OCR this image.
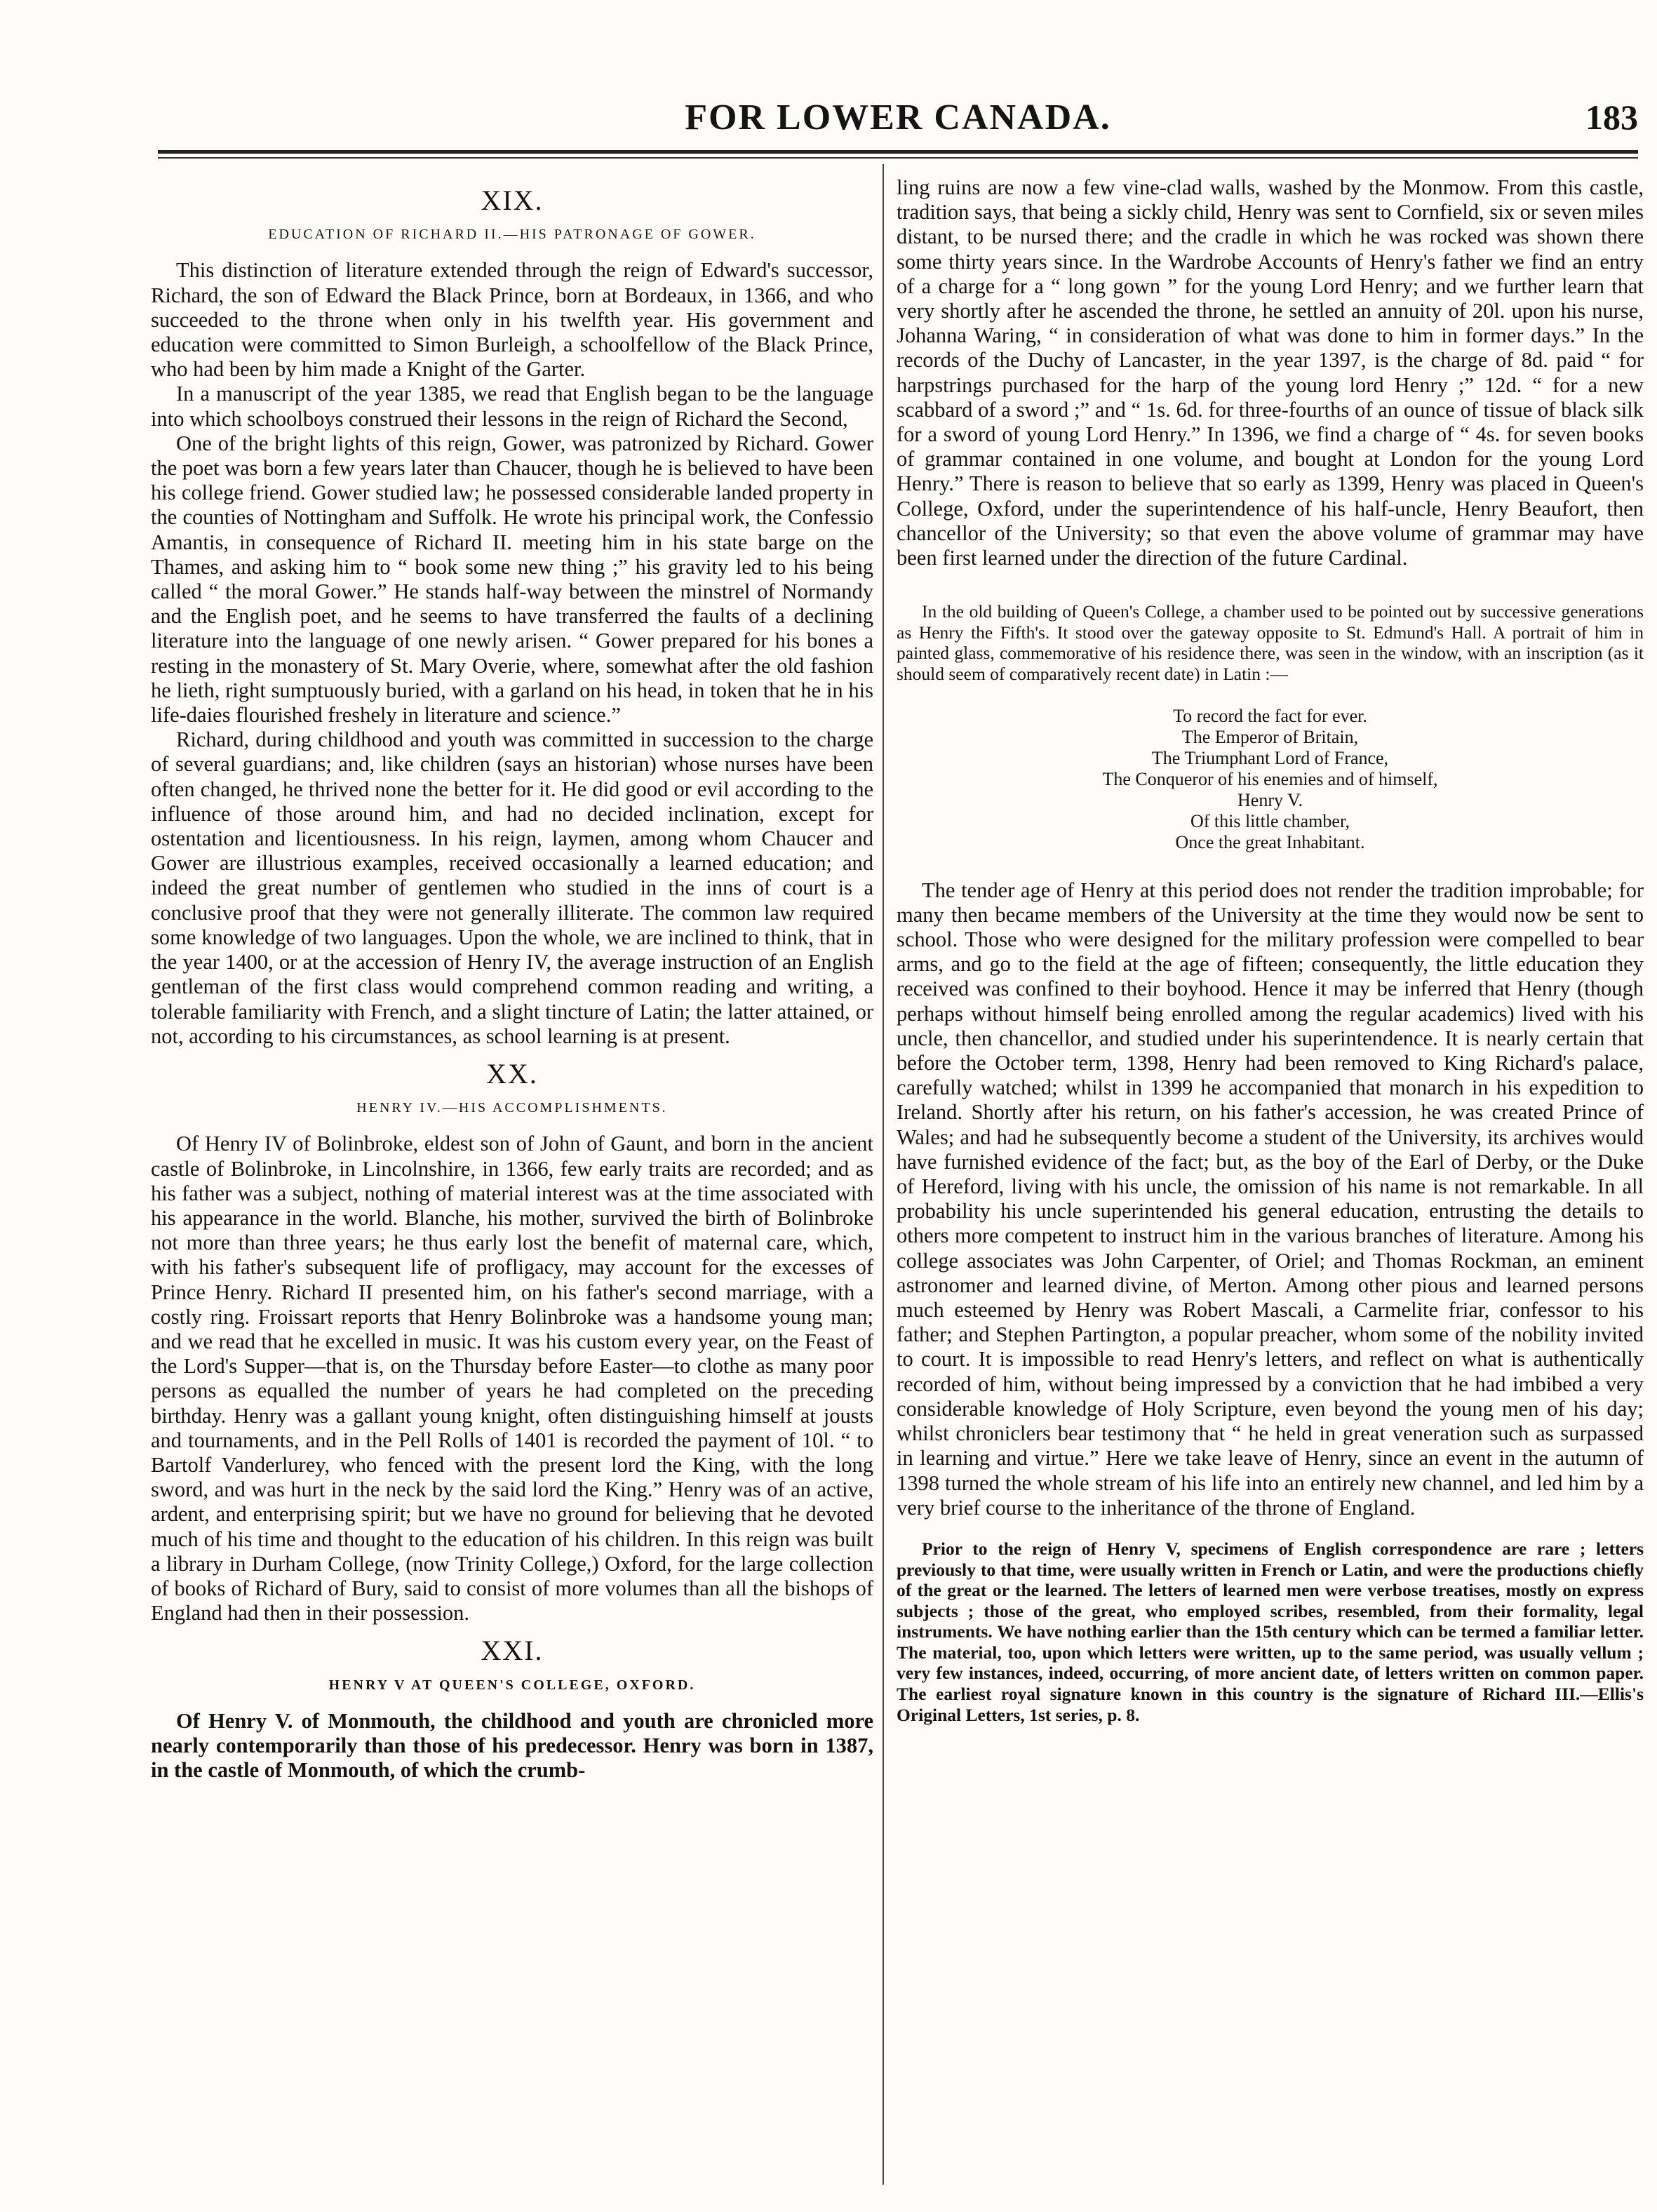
FOR LOWER CANADA.	183
XIX.
EDUCATION OF RICHARD II.—HIS PATRONAGE OF GOWER.

This distinction of literature extended through the reign of Edward's successor, Richard, the son of Edward the Black Prince, born at Bordeaux, in 1366, and who succeeded to the throne when only in his twelfth year. His government and education were committed to Simon Burleigh, a schoolfellow of the Black Prince, who had been by him made a Knight of the Garter.

In a manuscript of the year 1385, we read that English began to be the language into which schoolboys construed their lessons in the reign of Richard the Second,

One of the bright lights of this reign, Gower, was patronized by Richard. Gower the poet was born a few years later than Chaucer, though he is believed to have been his college friend. Gower studied law; he possessed considerable landed property in the counties of Nottingham and Suffolk. He wrote his principal work, the Confessio Amantis, in consequence of Richard II. meeting him in his state barge on the Thames, and asking him to “ book some new thing ;” his gravity led to his being called “ the moral Gower.” He stands half-way between the minstrel of Normandy and the English poet, and he seems to have transferred the faults of a declining literature into the language of one newly arisen. “ Gower prepared for his bones a resting in the monastery of St. Mary Overie, where, somewhat after the old fashion he lieth, right sumptuously buried, with a garland on his head, in token that he in his life-daies flourished freshely in literature and science.”

Richard, during childhood and youth was committed in succession to the charge of several guardians; and, like children (says an historian) whose nurses have been often changed, he thrived none the better for it. He did good or evil according to the influence of those around him, and had no decided inclination, except for ostentation and licentiousness. In his reign, laymen, among whom Chaucer and Gower are illustrious examples, received occasionally a learned education; and indeed the great number of gentlemen who studied in the inns of court is a conclusive proof that they were not generally illiterate. The common law required some knowledge of two languages. Upon the whole, we are inclined to think, that in the year 1400, or at the accession of Henry IV, the average instruction of an English gentleman of the first class would comprehend common reading and writing, a tolerable familiarity with French, and a slight tincture of Latin; the latter attained, or not, according to his circumstances, as school learning is at present.

XX.
HENRY IV.—HIS ACCOMPLISHMENTS.

Of Henry IV of Bolinbroke, eldest son of John of Gaunt, and born in the ancient castle of Bolinbroke, in Lincolnshire, in 1366, few early traits are recorded; and as his father was a subject, nothing of material interest was at the time associated with his appearance in the world. Blanche, his mother, survived the birth of Bolinbroke not more than three years; he thus early lost the benefit of maternal care, which, with his father's subsequent life of profligacy, may account for the excesses of Prince Henry. Richard II presented him, on his father's second marriage, with a costly ring. Froissart reports that Henry Bolinbroke was a handsome young man; and we read that he excelled in music. It was his custom every year, on the Feast of the Lord's Supper—that is, on the Thursday before Easter—to clothe as many poor persons as equalled the number of years he had completed on the preceding birthday. Henry was a gallant young knight, often distinguishing himself at jousts and tournaments, and in the Pell Rolls of 1401 is recorded the payment of 10l. “ to Bartolf Vanderlurey, who fenced with the present lord the King, with the long sword, and was hurt in the neck by the said lord the King.” Henry was of an active, ardent, and enterprising spirit; but we have no ground for believing that he devoted much of his time and thought to the education of his children. In this reign was built a library in Durham College, (now Trinity College,) Oxford, for the large collection of books of Richard of Bury, said to consist of more volumes than all the bishops of England had then in their possession.

XXI.
HENRY V AT QUEEN'S COLLEGE, OXFORD.

Of Henry V. of Monmouth, the childhood and youth are chronicled more nearly contemporarily than those of his predecessor. Henry was born in 1387, in the castle of Monmouth, of which the crumb-

ling ruins are now a few vine-clad walls, washed by the Monmow. From this castle, tradition says, that being a sickly child, Henry was sent to Cornfield, six or seven miles distant, to be nursed there; and the cradle in which he was rocked was shown there some thirty years since. In the Wardrobe Accounts of Henry's father we find an entry of a charge for a “ long gown ” for the young Lord Henry; and we further learn that very shortly after he ascended the throne, he settled an annuity of 20l. upon his nurse, Johanna Waring, “ in consideration of what was done to him in former days.” In the records of the Duchy of Lancaster, in the year 1397, is the charge of 8d. paid “ for harpstrings purchased for the harp of the young lord Henry ;” 12d. “ for a new scabbard of a sword ;” and “ 1s. 6d. for three-fourths of an ounce of tissue of black silk for a sword of young Lord Henry.” In 1396, we find a charge of “ 4s. for seven books of grammar contained in one volume, and bought at London for the young Lord Henry.” There is reason to believe that so early as 1399, Henry was placed in Queen's College, Oxford, under the superintendence of his half-uncle, Henry Beaufort, then chancellor of the University; so that even the above volume of grammar may have been first learned under the direction of the future Cardinal.

In the old building of Queen's College, a chamber used to be pointed out by successive generations as Henry the Fifth's. It stood over the gateway opposite to St. Edmund's Hall. A portrait of him in painted glass, commemorative of his residence there, was seen in the window, with an inscription (as it should seem of comparatively recent date) in Latin :—

To record the fact for ever.
The Emperor of Britain,
The Triumphant Lord of France,
The Conqueror of his enemies and of himself,
Henry V.
Of this little chamber,
Once the great Inhabitant.

The tender age of Henry at this period does not render the tradition improbable; for many then became members of the University at the time they would now be sent to school. Those who were designed for the military profession were compelled to bear arms, and go to the field at the age of fifteen; consequently, the little education they received was confined to their boyhood. Hence it may be inferred that Henry (though perhaps without himself being enrolled among the regular academics) lived with his uncle, then chancellor, and studied under his superintendence. It is nearly certain that before the October term, 1398, Henry had been removed to King Richard's palace, carefully watched; whilst in 1399 he accompanied that monarch in his expedition to Ireland. Shortly after his return, on his father's accession, he was created Prince of Wales; and had he subsequently become a student of the University, its archives would have furnished evidence of the fact; but, as the boy of the Earl of Derby, or the Duke of Hereford, living with his uncle, the omission of his name is not remarkable. In all probability his uncle superintended his general education, entrusting the details to others more competent to instruct him in the various branches of literature. Among his college associates was John Carpenter, of Oriel; and Thomas Rockman, an eminent astronomer and learned divine, of Merton. Among other pious and learned persons much esteemed by Henry was Robert Mascali, a Carmelite friar, confessor to his father; and Stephen Partington, a popular preacher, whom some of the nobility invited to court. It is impossible to read Henry's letters, and reflect on what is authentically recorded of him, without being impressed by a conviction that he had imbibed a very considerable knowledge of Holy Scripture, even beyond the young men of his day; whilst chroniclers bear testimony that “ he held in great veneration such as surpassed in learning and virtue.” Here we take leave of Henry, since an event in the autumn of 1398 turned the whole stream of his life into an entirely new channel, and led him by a very brief course to the inheritance of the throne of England.

Prior to the reign of Henry V, specimens of English correspondence are rare ; letters previously to that time, were usually written in French or Latin, and were the productions chiefly of the great or the learned. The letters of learned men were verbose treatises, mostly on express subjects ; those of the great, who employed scribes, resembled, from their formality, legal instruments. We have nothing earlier than the 15th century which can be termed a familiar letter. The material, too, upon which letters were written, up to the same period, was usually vellum ; very few instances, indeed, occurring, of more ancient date, of letters written on common paper. The earliest royal signature known in this country is the signature of Richard III.—Ellis's Original Letters, 1st series, p. 8.
